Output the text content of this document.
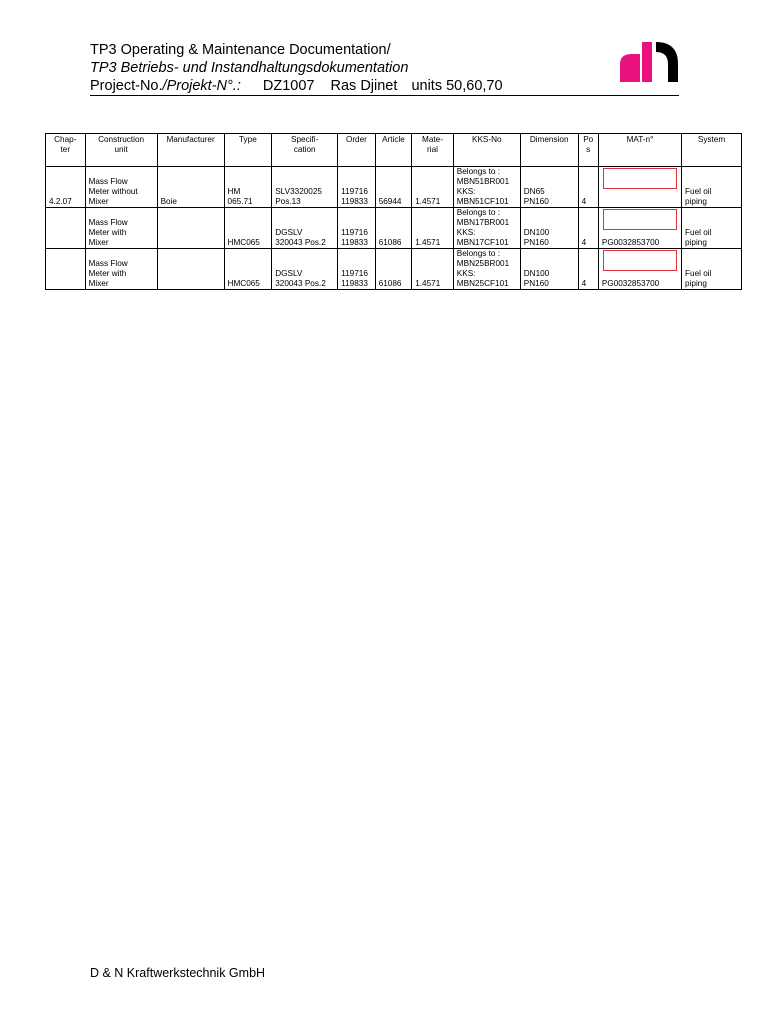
TP3 Operating & Maintenance Documentation/
TP3 Betriebs- und Instandhaltungsdokumentation
Project-No./Projekt-N°.: DZ1007 Ras Djinet units 50,60,70
Chap-
ter	Construction
unit	Manufacturer	Type	Specifi-
cation	Order	Article	Mate-
rial	KKS-No	Dimension	Po
s	MAT-n°	System
4.2.07	Mass Flow
Meter without
Mixer	Boie	HM
065.71	SLV3320025
Pos.13	119716
119833	56944	1.4571	Belongs to :
MBN51BR001
KKS:
MBN51CF101	DN65
PN160	4		Fuel oil
piping
	Mass Flow
Meter with
Mixer		HMC065	DGSLV
320043 Pos.2	119716
119833	61086	1.4571	Belongs to :
MBN17BR001
KKS:
MBN17CF101	DN100
PN160	4	PG0032853700	Fuel oil
piping
	Mass Flow
Meter with
Mixer		HMC065	DGSLV
320043 Pos.2	119716
119833	61086	1.4571	Belongs to :
MBN25BR001
KKS:
MBN25CF101	DN100
PN160	4	PG0032853700	Fuel oil
piping
D & N Kraftwerkstechnik GmbH
